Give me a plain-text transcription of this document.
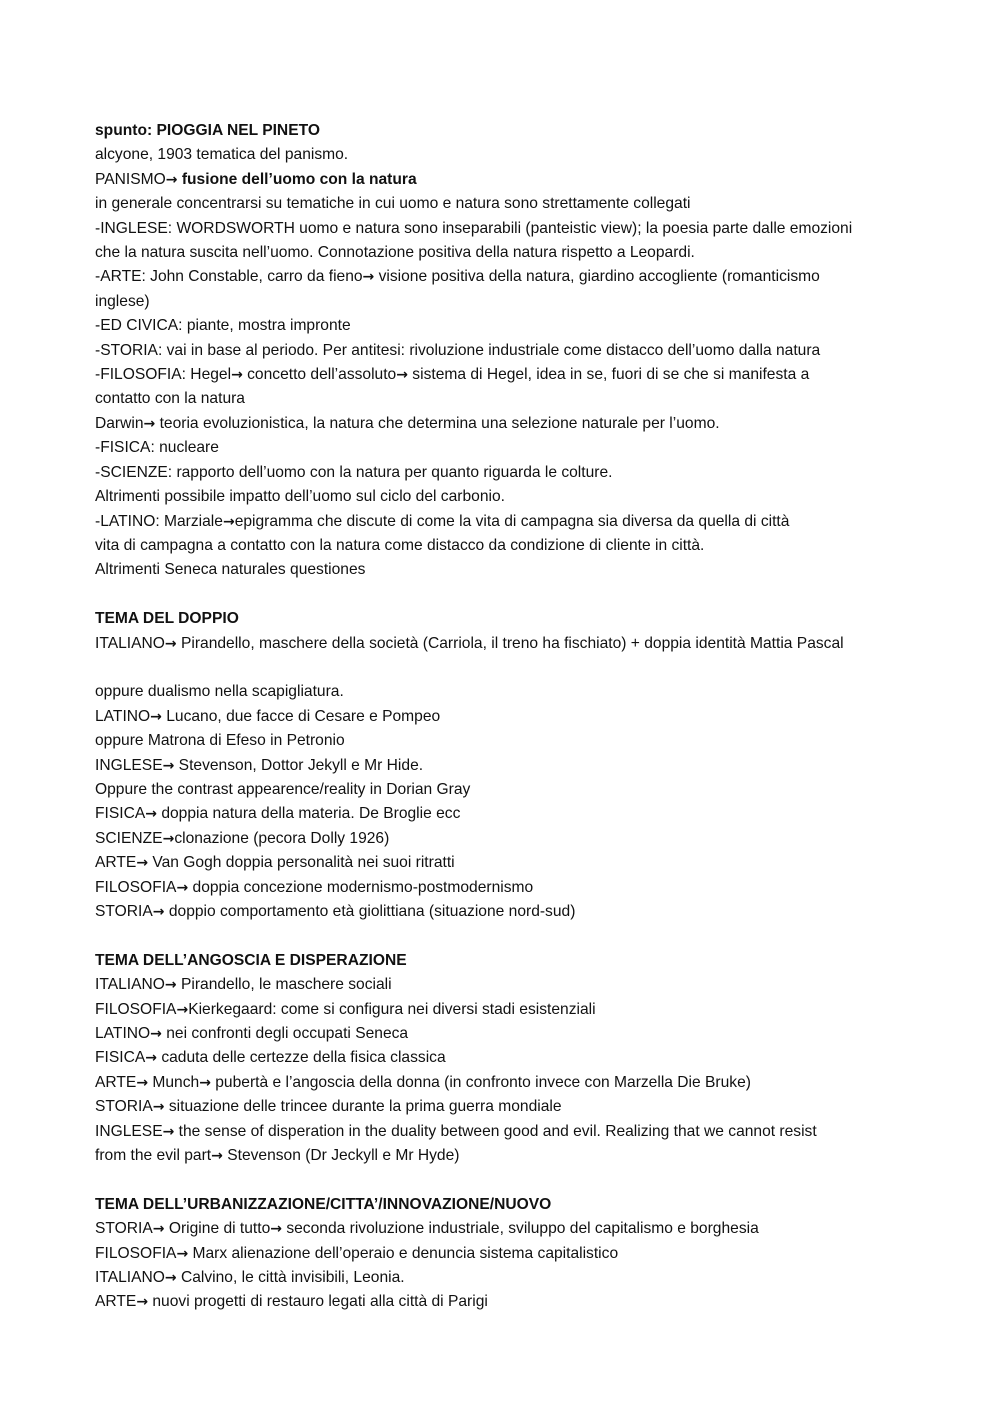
spunto: PIOGGIA NEL PINETO
alcyone, 1903 tematica del panismo.
PANISMO→ fusione dell’uomo con la natura
in generale concentrarsi su tematiche in cui uomo e natura sono strettamente collegati
-INGLESE: WORDSWORTH uomo e natura sono inseparabili (panteistic view); la poesia parte dalle emozioni
che la natura suscita nell’uomo. Connotazione positiva della natura rispetto a Leopardi.
-ARTE: John Constable, carro da fieno→ visione positiva della natura, giardino accogliente (romanticismo
inglese)
-ED CIVICA: piante, mostra impronte
-STORIA: vai in base al periodo. Per antitesi: rivoluzione industriale come distacco dell’uomo dalla natura
-FILOSOFIA: Hegel→ concetto dell’assoluto→ sistema di Hegel, idea in se, fuori di se che si manifesta a
contatto con la natura
Darwin→ teoria evoluzionistica, la natura che determina una selezione naturale per l’uomo.
-FISICA: nucleare
-SCIENZE: rapporto dell’uomo con la natura per quanto riguarda le colture.
Altrimenti possibile impatto dell’uomo sul ciclo del carbonio.
-LATINO: Marziale→epigramma che discute di come la vita di campagna sia diversa da quella di città
vita di campagna a contatto con la natura come distacco da condizione di cliente in città.
Altrimenti Seneca naturales questiones
TEMA DEL DOPPIO
ITALIANO→ Pirandello, maschere della società (Carriola, il treno ha fischiato) + doppia identità Mattia Pascal
oppure dualismo nella scapigliatura.
LATINO→ Lucano, due facce di Cesare e Pompeo
oppure Matrona di Efeso in Petronio
INGLESE→ Stevenson, Dottor Jekyll e Mr Hide.
Oppure the contrast appearence/reality in Dorian Gray
FISICA→ doppia natura della materia. De Broglie ecc
SCIENZE→clonazione (pecora Dolly 1926)
ARTE→ Van Gogh doppia personalità nei suoi ritratti
FILOSOFIA→ doppia concezione modernismo-postmodernismo
STORIA→ doppio comportamento età giolittiana (situazione nord-sud)
TEMA DELL’ANGOSCIA E DISPERAZIONE
ITALIANO→ Pirandello, le maschere sociali
FILOSOFIA→Kierkegaard: come si configura nei diversi stadi esistenziali
LATINO→ nei confronti degli occupati Seneca
FISICA→ caduta delle certezze della fisica classica
ARTE→ Munch→ pubertà e l’angoscia della donna (in confronto invece con Marzella Die Bruke)
STORIA→ situazione delle trincee durante la prima guerra mondiale
INGLESE→ the sense of disperation in the duality between good and evil. Realizing that we cannot resist
from the evil part→ Stevenson (Dr Jeckyll e Mr Hyde)
TEMA DELL’URBANIZZAZIONE/CITTA’/INNOVAZIONE/NUOVO
STORIA→ Origine di tutto→ seconda rivoluzione industriale, sviluppo del capitalismo e borghesia
FILOSOFIA→ Marx alienazione dell’operaio e denuncia sistema capitalistico
ITALIANO→ Calvino, le città invisibili, Leonia.
ARTE→ nuovi progetti di restauro legati alla città di Parigi
